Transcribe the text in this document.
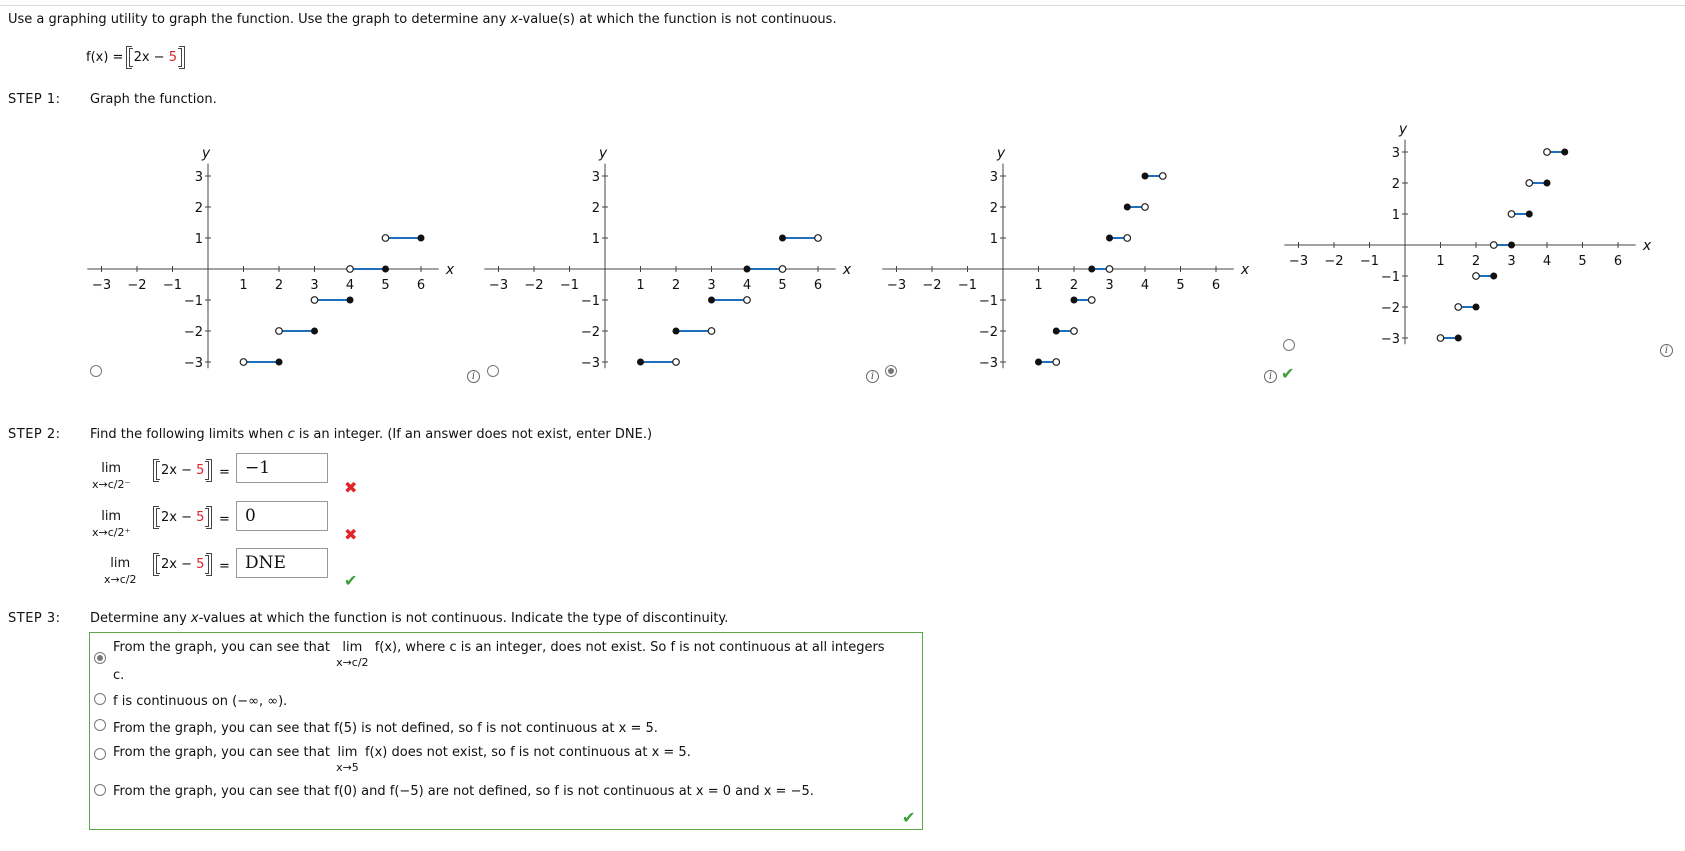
Use a graphing utility to graph the function. Use the graph to determine any x-value(s) at which the function is not continuous.
f(x) = 2x − 5
STEP 1: Graph the function.
−3 −2 −1	1 2 3 4 5 6
3
2
1
−1
−2
−3
x
y
i
−3 −2 −1	1 2 3 4 5 6
3
2
1
−1
−2
−3
x
y
i
−3 −2 −1	1 2 3 4 5 6
3
2
1
−1
−2
−3
x
y
i ✔
−3 −2 −1	1 2 3 4 5 6
3
2
1
−1
−2
−3
x
y
i
STEP 2: Find the following limits when c is an integer. (If an answer does not exist, enter DNE.)
lim
x→c/2⁻
2x − 5	= −1
✖
lim
x→c/2⁺
2x − 5	= 0
✖
lim
x→c/2
2x − 5	= DNE
✔
STEP 3: Determine any x-values at which the function is not continuous. Indicate the type of discontinuity.
From the graph, you can see that lim
x→c/2 f(x), where c is an integer, does not exist. So f is not continuous at all integers
c.
f is continuous on (−∞, ∞).
From the graph, you can see that f(5) is not defined, so f is not continuous at x = 5.
From the graph, you can see that lim
x→5 f(x) does not exist, so f is not continuous at x = 5.
From the graph, you can see that f(0) and f(−5) are not defined, so f is not continuous at x = 0 and x = −5.
✔
